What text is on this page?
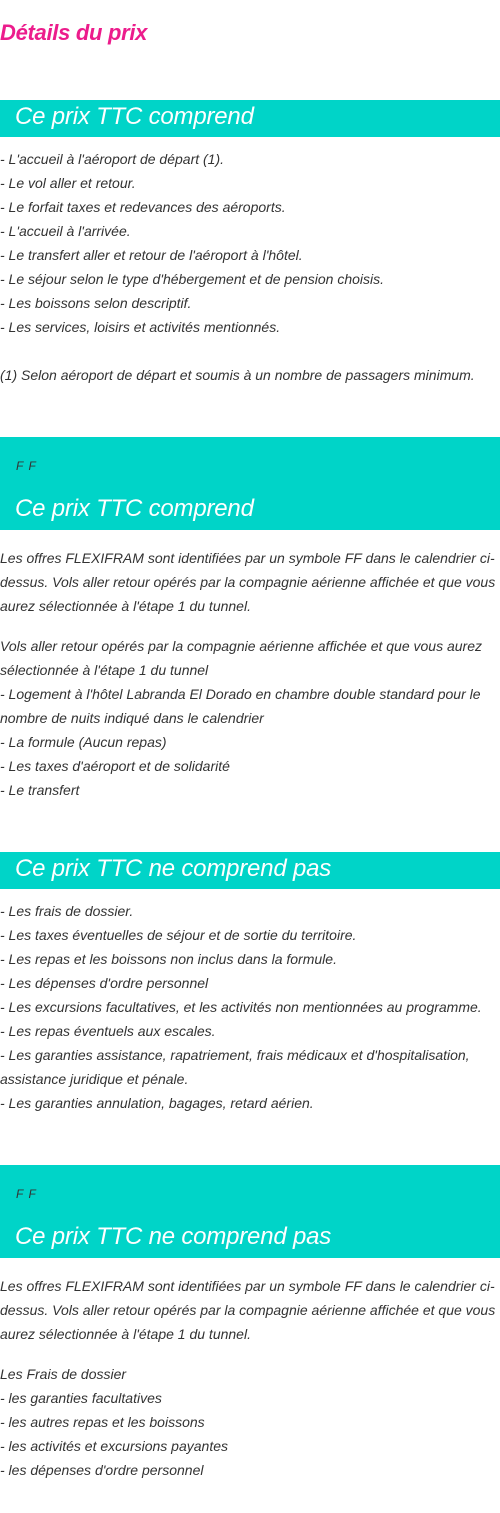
Détails du prix
Ce prix TTC comprend
- L'accueil à l'aéroport de départ (1).
- Le vol aller et retour.
- Le forfait taxes et redevances des aéroports.
- L'accueil à l'arrivée.
- Le transfert aller et retour de l'aéroport à l'hôtel.
- Le séjour selon le type d'hébergement et de pension choisis.
- Les boissons selon descriptif.
- Les services, loisirs et activités mentionnés.
(1) Selon aéroport de départ et soumis à un nombre de passagers minimum.
F F
Ce prix TTC comprend
Les offres FLEXIFRAM sont identifiées par un symbole FF dans le calendrier ci-dessus. Vols aller retour opérés par la compagnie aérienne affichée et que vous aurez sélectionnée à l'étape 1 du tunnel.
Vols aller retour opérés par la compagnie aérienne affichée et que vous aurez sélectionnée à l'étape 1 du tunnel
- Logement à l'hôtel Labranda El Dorado en chambre double standard pour le nombre de nuits indiqué dans le calendrier
- La formule (Aucun repas)
- Les taxes d'aéroport et de solidarité
- Le transfert
Ce prix TTC ne comprend pas
- Les frais de dossier.
- Les taxes éventuelles de séjour et de sortie du territoire.
- Les repas et les boissons non inclus dans la formule.
- Les dépenses d'ordre personnel
- Les excursions facultatives, et les activités non mentionnées au programme.
- Les repas éventuels aux escales.
- Les garanties assistance, rapatriement, frais médicaux et d'hospitalisation, assistance juridique et pénale.
- Les garanties annulation, bagages, retard aérien.
F F
Ce prix TTC ne comprend pas
Les offres FLEXIFRAM sont identifiées par un symbole FF dans le calendrier ci-dessus. Vols aller retour opérés par la compagnie aérienne affichée et que vous aurez sélectionnée à l'étape 1 du tunnel.
Les Frais de dossier
- les garanties facultatives
- les autres repas et les boissons
- les activités et excursions payantes
- les dépenses d'ordre personnel
